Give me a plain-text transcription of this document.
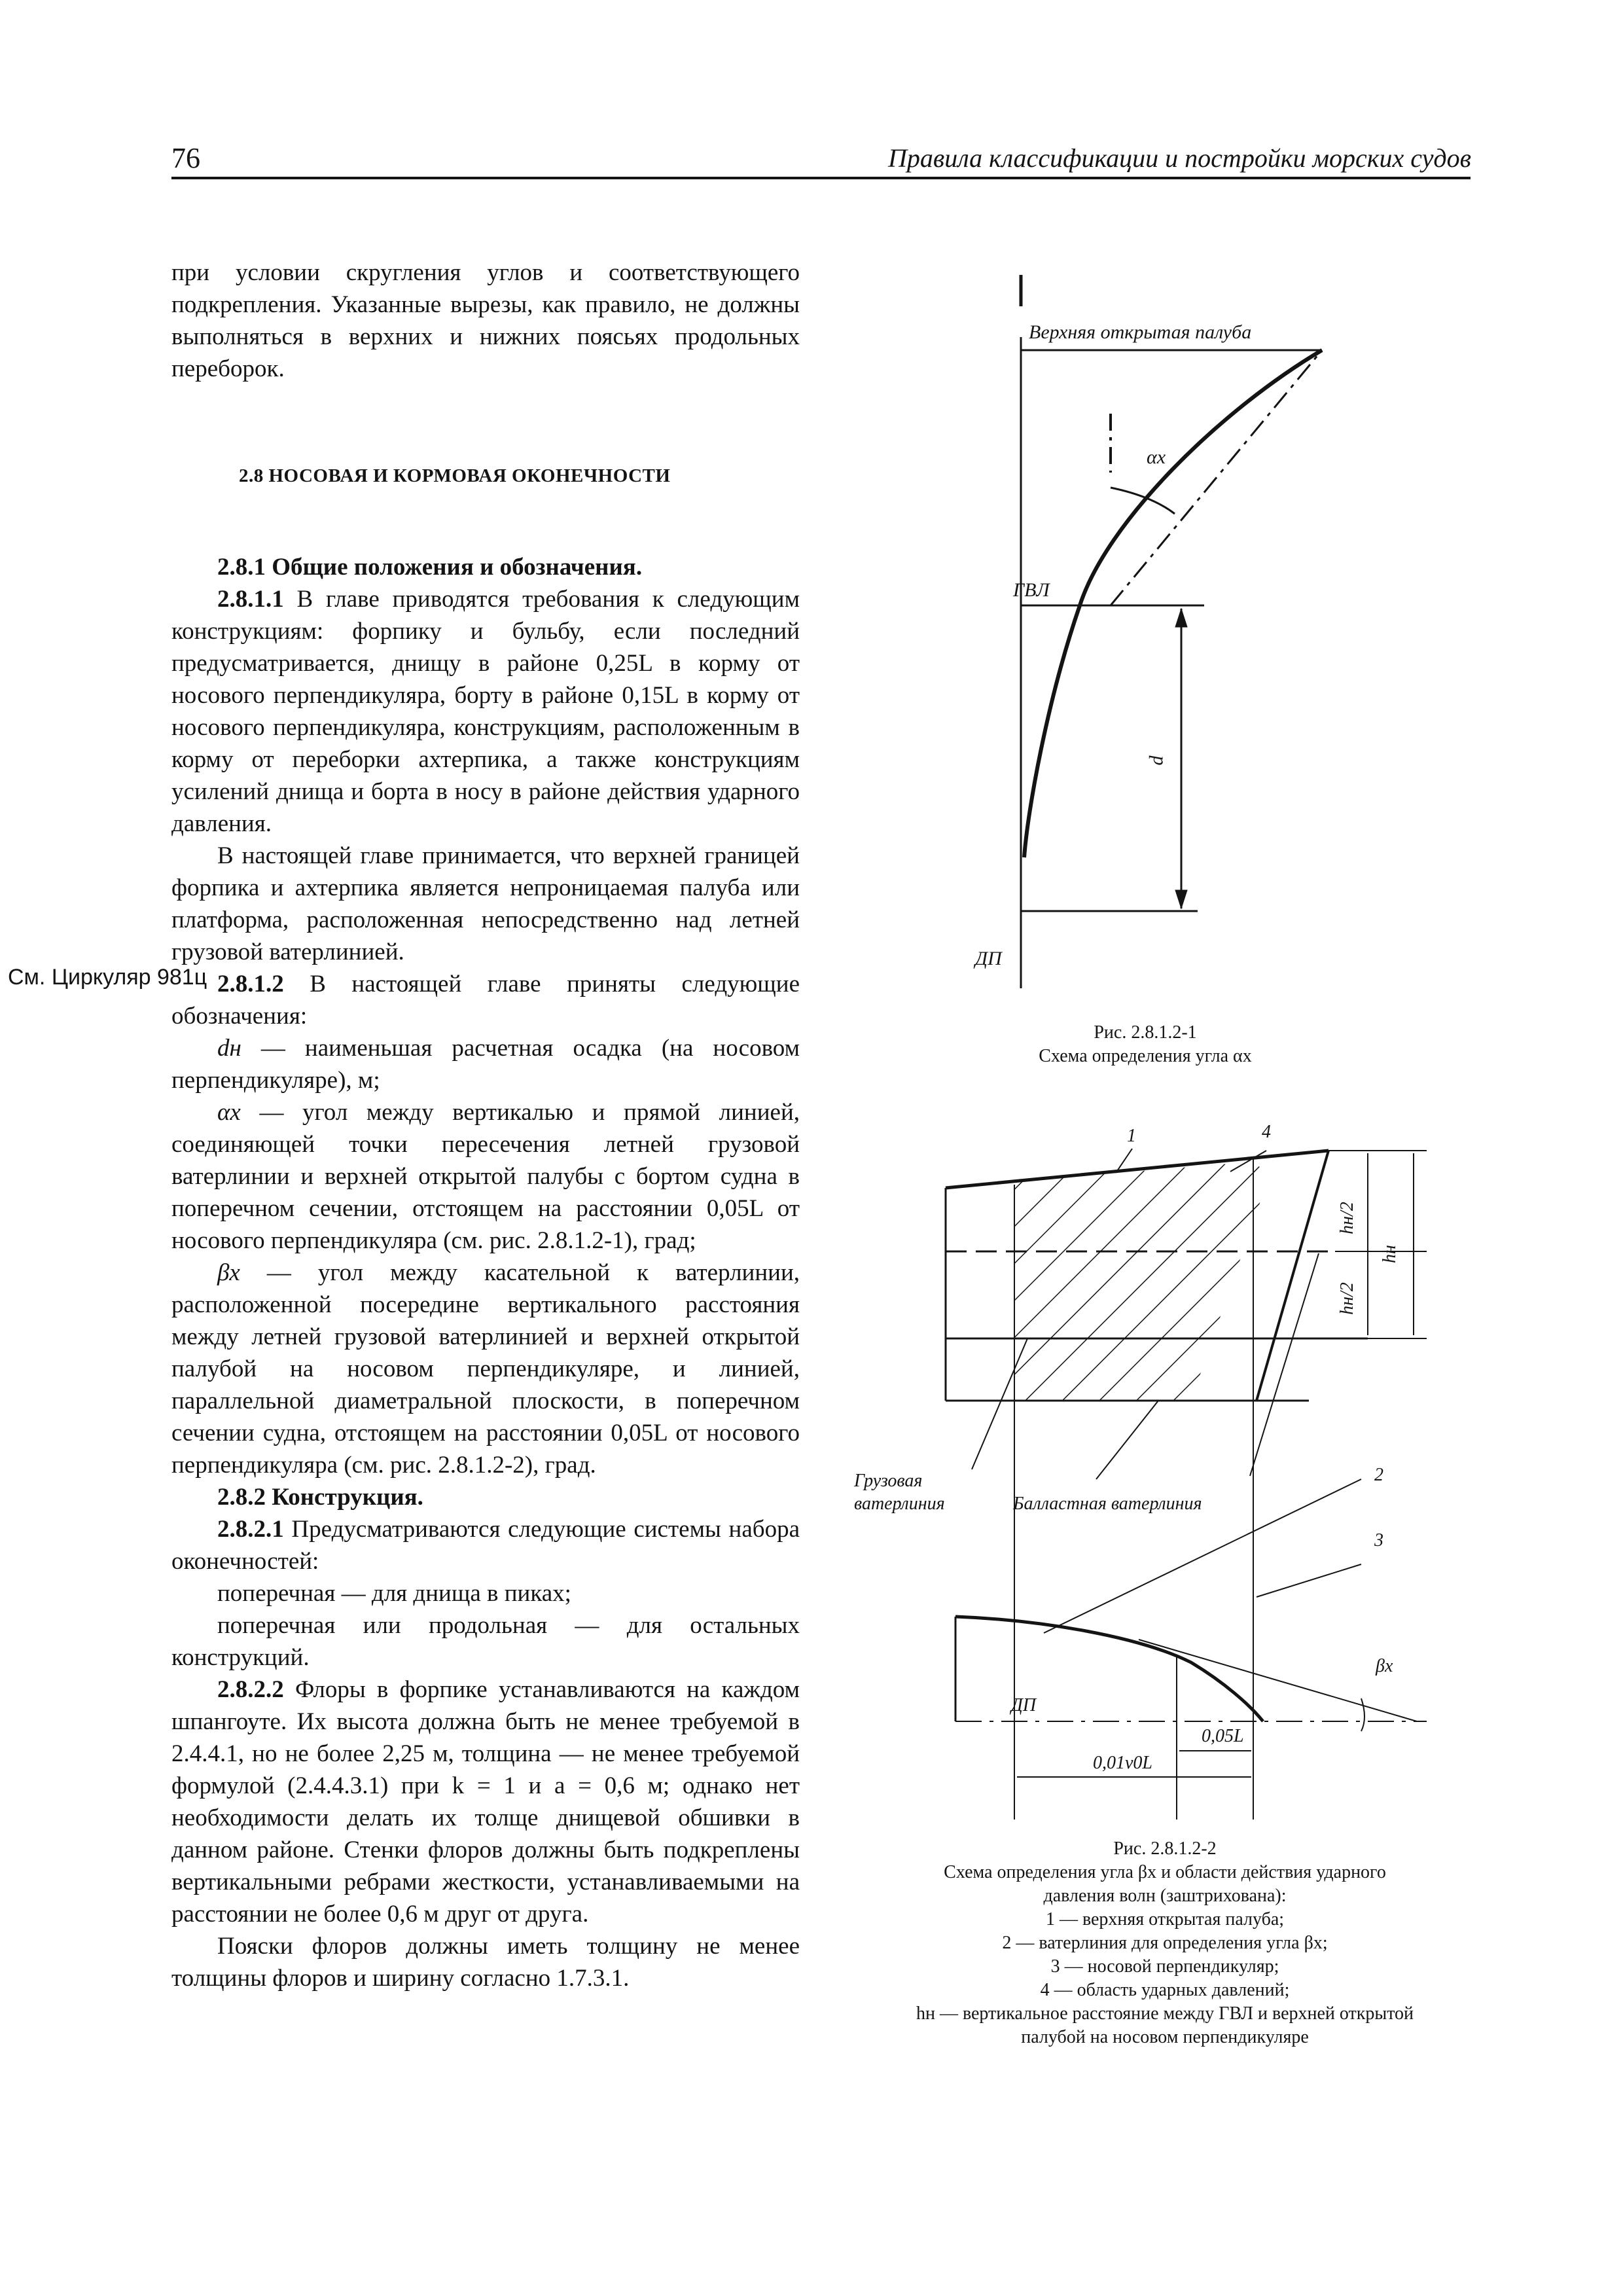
76	Правила классификации и постройки морских судов

при условии скругления углов и соответствующего подкрепления. Указанные вырезы, как правило, не должны выполняться в верхних и нижних поясьях продольных переборок.

2.8 НОСОВАЯ И КОРМОВАЯ ОКОНЕЧНОСТИ

2.8.1 Общие положения и обозначения.

2.8.1.1 В главе приводятся требования к следующим конструкциям: форпику и бульбу, если последний предусматривается, днищу в районе 0,25L в корму от носового перпендикуляра, борту в районе 0,15L в корму от носового перпендикуляра, конструкциям, расположенным в корму от переборки ахтерпика, а также конструкциям усилений днища и борта в носу в районе действия ударного давления.

В настоящей главе принимается, что верхней границей форпика и ахтерпика является непроницаемая палуба или платформа, расположенная непосредственно над летней грузовой ватерлинией.

2.8.1.2 В настоящей главе приняты следующие обозначения:

dн — наименьшая расчетная осадка (на носовом перпендикуляре), м;

αx — угол между вертикалью и прямой линией, соединяющей точки пересечения летней грузовой ватерлинии и верхней открытой палубы с бортом судна в поперечном сечении, отстоящем на расстоянии 0,05L от носового перпендикуляра (см. рис. 2.8.1.2-1), град;

βx — угол между касательной к ватерлинии, расположенной посередине вертикального расстояния между летней грузовой ватерлинией и верхней открытой палубой на носовом перпендикуляре, и линией, параллельной диаметральной плоскости, в поперечном сечении судна, отстоящем на расстоянии 0,05L от носового перпендикуляра (см. рис. 2.8.1.2-2), град.

2.8.2 Конструкция.

2.8.2.1 Предусматриваются следующие системы набора оконечностей:

поперечная — для днища в пиках;

поперечная или продольная — для остальных конструкций.

2.8.2.2 Флоры в форпике устанавливаются на каждом шпангоуте. Их высота должна быть не менее требуемой в 2.4.4.1, но не более 2,25 м, толщина — не менее требуемой формулой (2.4.4.3.1) при k = 1 и a = 0,6 м; однако нет необходимости делать их толще днищевой обшивки в данном районе. Стенки флоров должны быть подкреплены вертикальными ребрами жесткости, устанавливаемыми на расстоянии не более 0,6 м друг от друга.

Пояски флоров должны иметь толщину не менее толщины флоров и ширину согласно 1.7.3.1.

См. Циркуляр 981ц
Верхняя открытая палуба
αx
ГВЛ
d
ДП
Рис. 2.8.1.2-1
Схема определения угла αx
1	4
hн/2
hн/2
hн
Грузовая
ватерлиния	Балластная ватерлиния
2
3
βx
ДП
0,05L
0,01v0L
Рис. 2.8.1.2-2
Схема определения угла βx и области действия ударного
давления волн (заштрихована):
1 — верхняя открытая палуба;
2 — ватерлиния для определения угла βx;
3 — носовой перпендикуляр;
4 — область ударных давлений;
hн — вертикальное расстояние между ГВЛ и верхней открытой
палубой на носовом перпендикуляре
